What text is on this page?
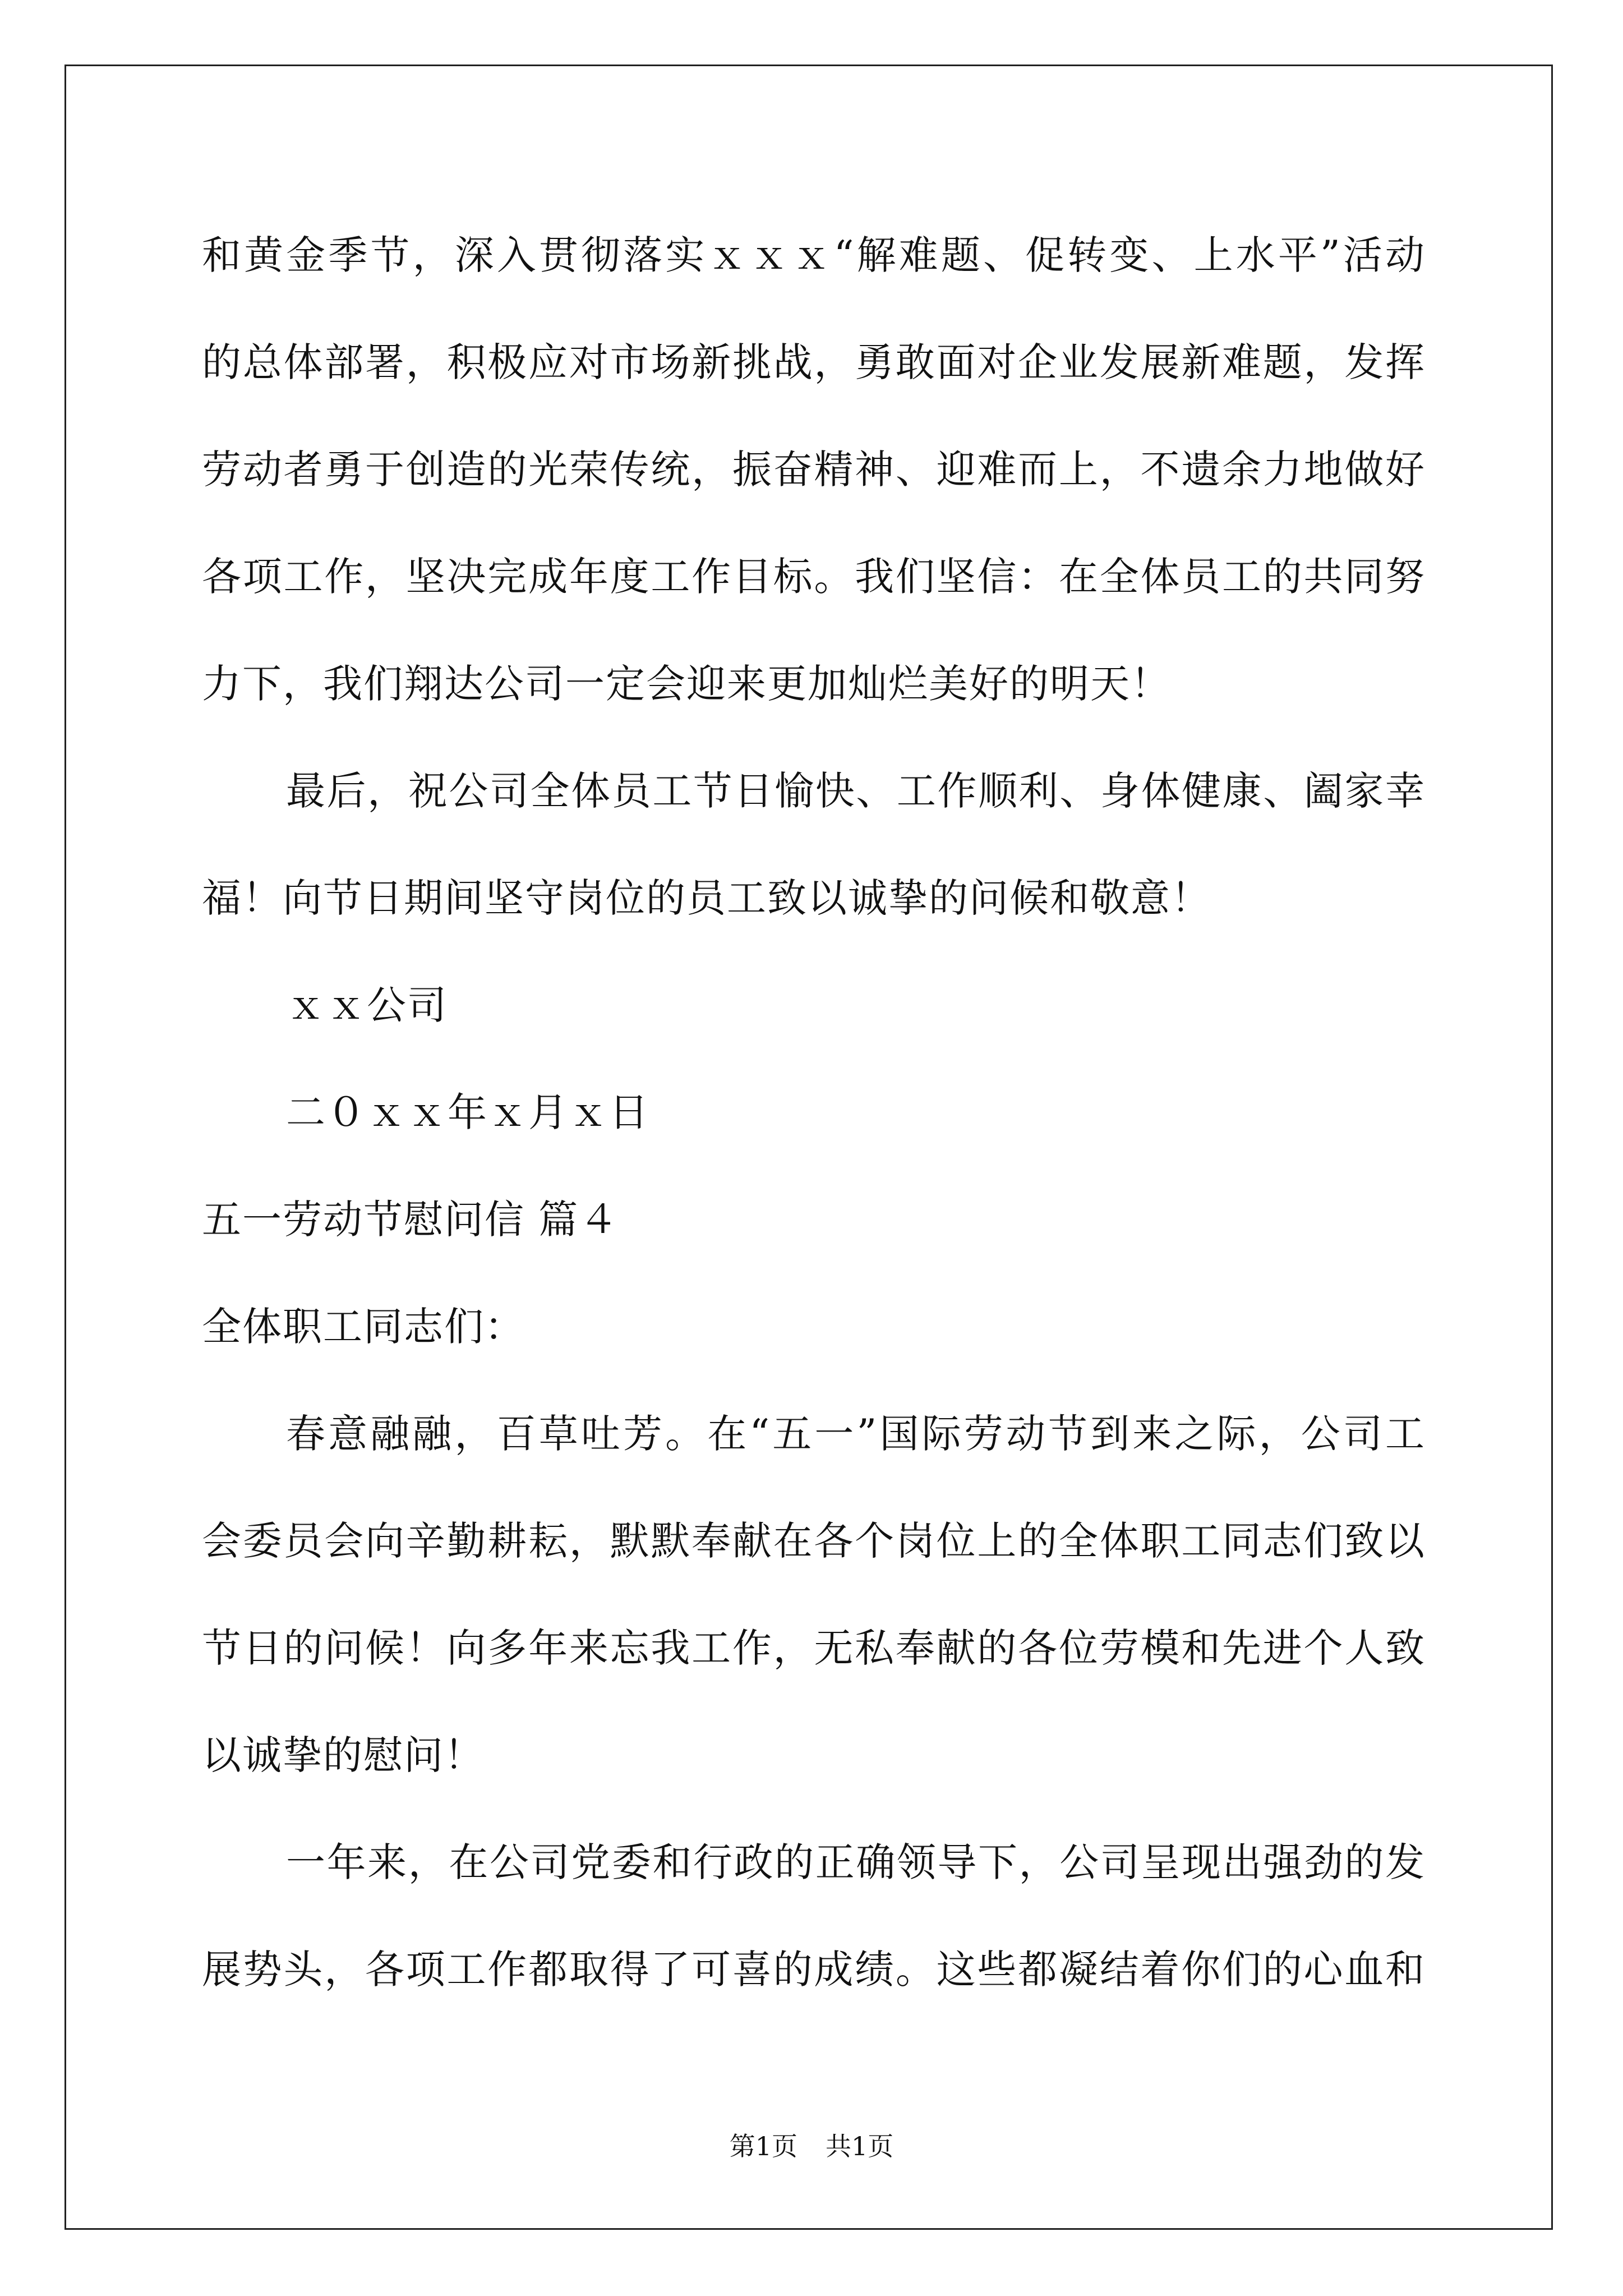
和黄金季节，深入贯彻落实ｘｘｘ“解难题、促转变、上水平”活动
的总体部署，积极应对市场新挑战，勇敢面对企业发展新难题，发挥
劳动者勇于创造的光荣传统，振奋精神、迎难而上，不遗余力地做好
各项工作，坚决完成年度工作目标。我们坚信：在全体员工的共同努
力下，我们翔达公司一定会迎来更加灿烂美好的明天！
最后，祝公司全体员工节日愉快、工作顺利、身体健康、阖家幸
福！向节日期间坚守岗位的员工致以诚挚的问候和敬意！
ｘｘ公司
二０ｘｘ年ｘ月ｘ日
五一劳动节慰问信 篇４
全体职工同志们：
春意融融，百草吐芳。在“五一”国际劳动节到来之际，公司工
会委员会向辛勤耕耘，默默奉献在各个岗位上的全体职工同志们致以
节日的问候！向多年来忘我工作，无私奉献的各位劳模和先进个人致
以诚挚的慰问！
一年来，在公司党委和行政的正确领导下，公司呈现出强劲的发
展势头，各项工作都取得了可喜的成绩。这些都凝结着你们的心血和
第1页 共1页
